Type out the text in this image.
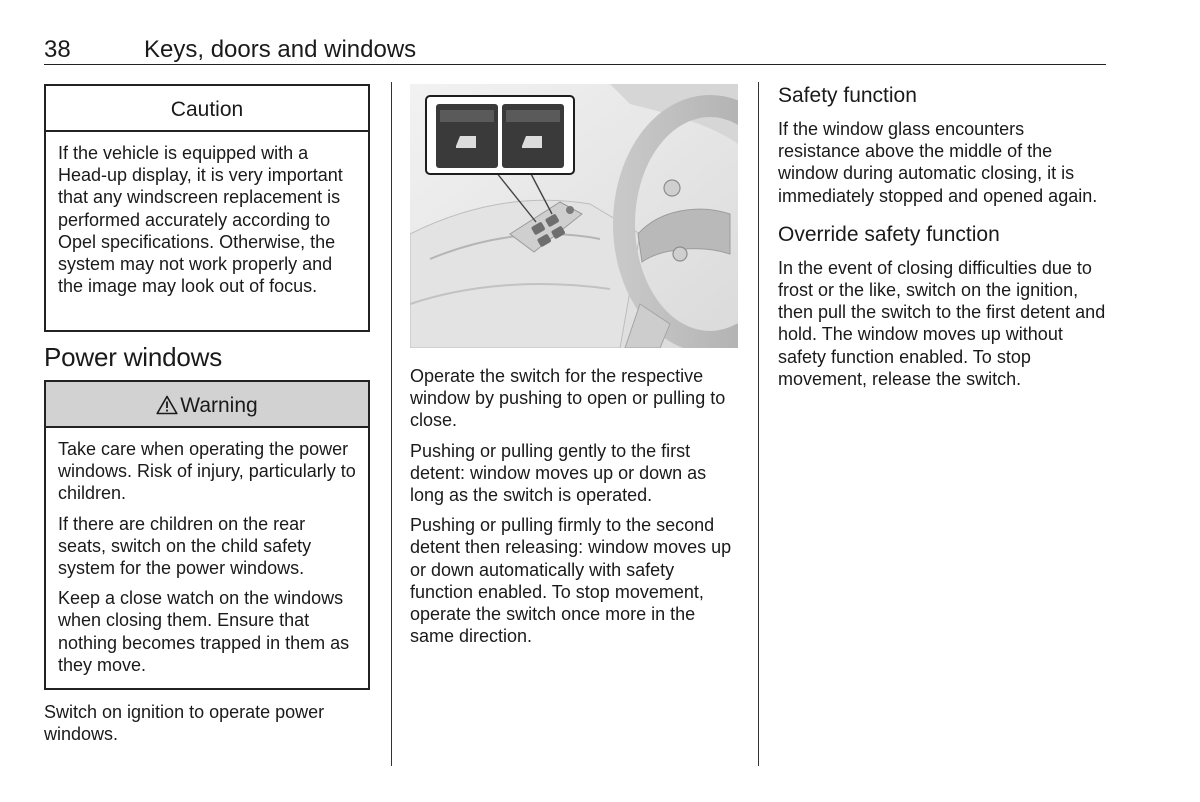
38	Keys, doors and windows
Caution

If the vehicle is equipped with a Head-up display, it is very important that any windscreen replacement is performed accurately according to Opel specifications. Otherwise, the system may not work properly and the image may look out of focus.

Power windows
Warning

Take care when operating the power windows. Risk of injury, particularly to children.

If there are children on the rear seats, switch on the child safety system for the power windows.

Keep a close watch on the windows when closing them. Ensure that nothing becomes trapped in them as they move.

Switch on ignition to operate power windows.

Operate the switch for the respective window by pushing to open or pulling to close.

Pushing or pulling gently to the first detent: window moves up or down as long as the switch is operated.

Pushing or pulling firmly to the second detent then releasing: window moves up or down automatically with safety function enabled. To stop movement, operate the switch once more in the same direction.

Safety function

If the window glass encounters resistance above the middle of the window during automatic closing, it is immediately stopped and opened again.

Override safety function

In the event of closing difficulties due to frost or the like, switch on the ignition, then pull the switch to the first detent and hold. The window moves up without safety function enabled. To stop movement, release the switch.
